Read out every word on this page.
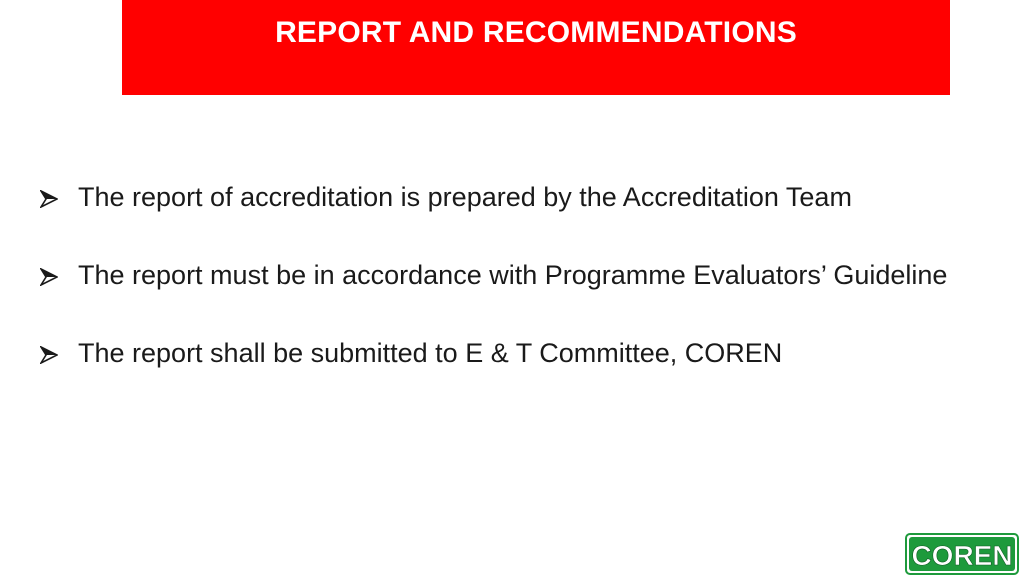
REPORT AND RECOMMENDATIONS
The report of accreditation is prepared by the Accreditation Team
The report must be in accordance with Programme Evaluators’ Guideline
The report shall be submitted to E & T Committee, COREN
COREN
